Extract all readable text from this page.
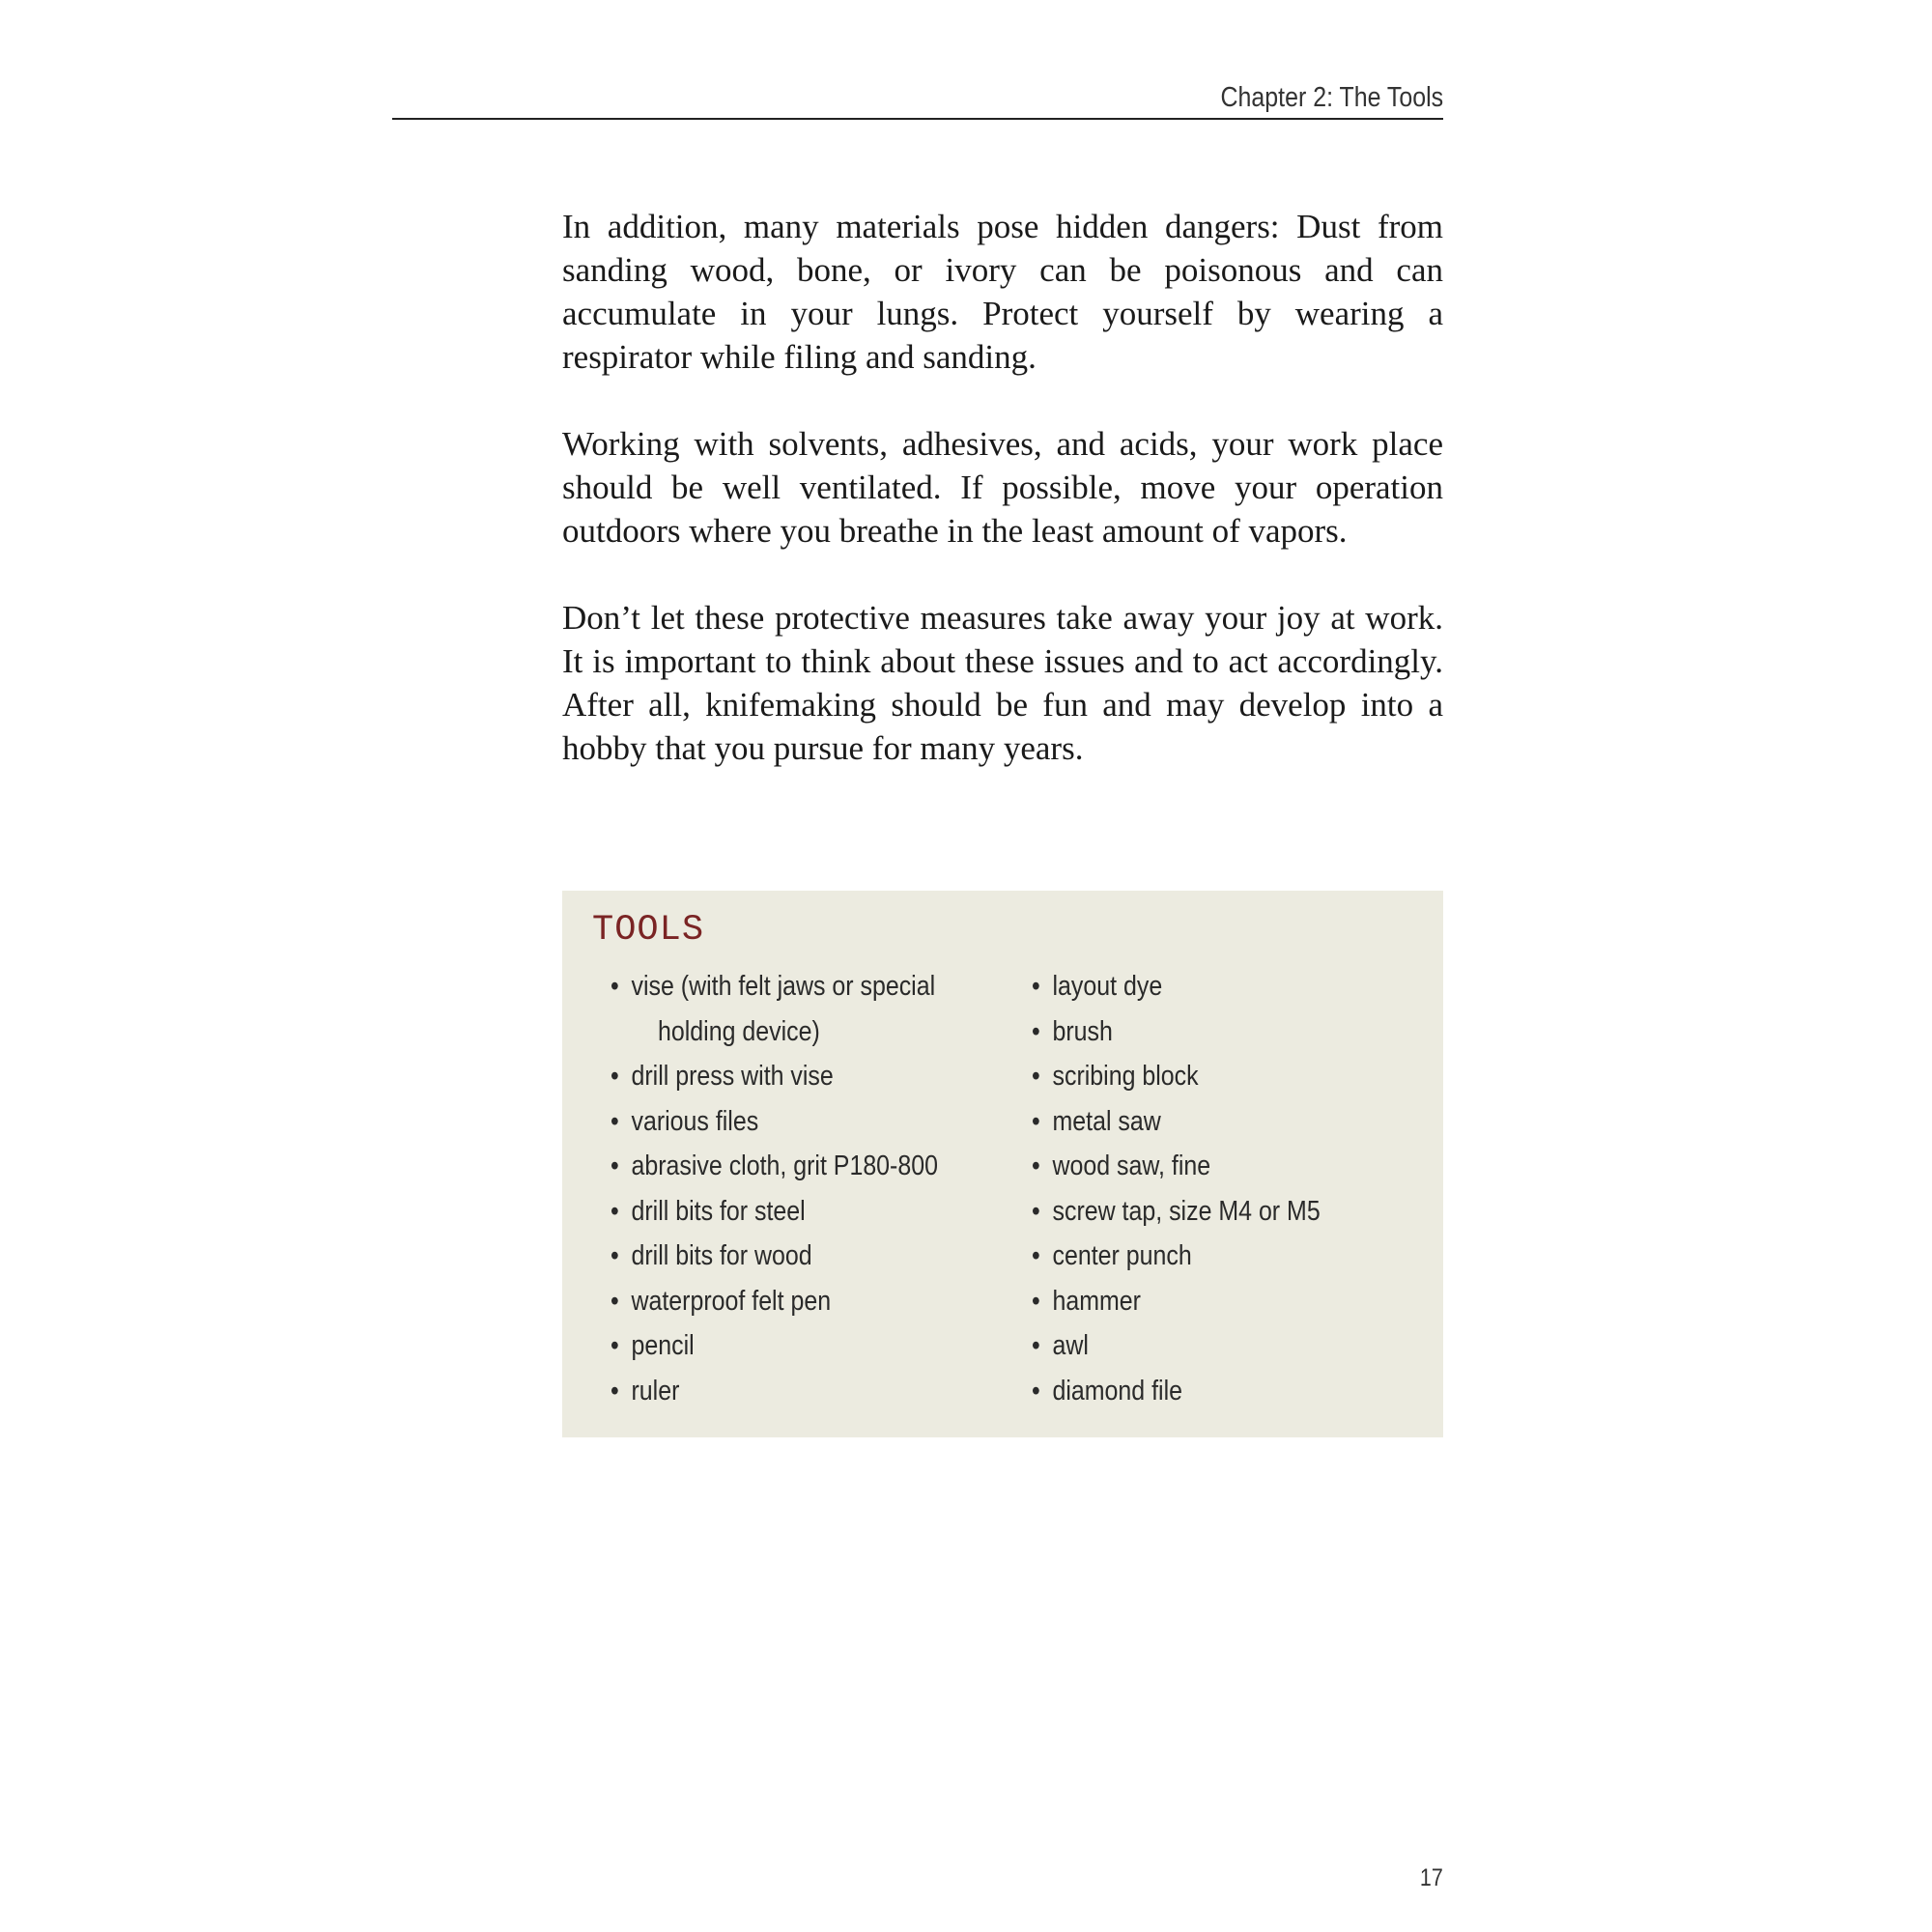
Chapter 2: The Tools

In addition, many materials pose hidden dangers: Dust from sanding wood, bone, or ivory can be poisonous and can accumulate in your lungs. Protect yourself by wearing a respirator while filing and sanding.

Working with solvents, adhesives, and acids, your work place should be well ventilated. If possible, move your operation outdoors where you breathe in the least amount of vapors.

Don’t let these protective measures take away your joy at work. It is important to think about these issues and to act accordingly. After all, knifemaking should be fun and may develop into a hobby that you pursue for many years.

TOOLS
• vise (with felt jaws or special
holding device)
• drill press with vise
• various files
• abrasive cloth, grit P180-800
• drill bits for steel
• drill bits for wood
• waterproof felt pen
• pencil
• ruler
• layout dye
• brush
• scribing block
• metal saw
• wood saw, fine
• screw tap, size M4 or M5
• center punch
• hammer
• awl
• diamond file
17
